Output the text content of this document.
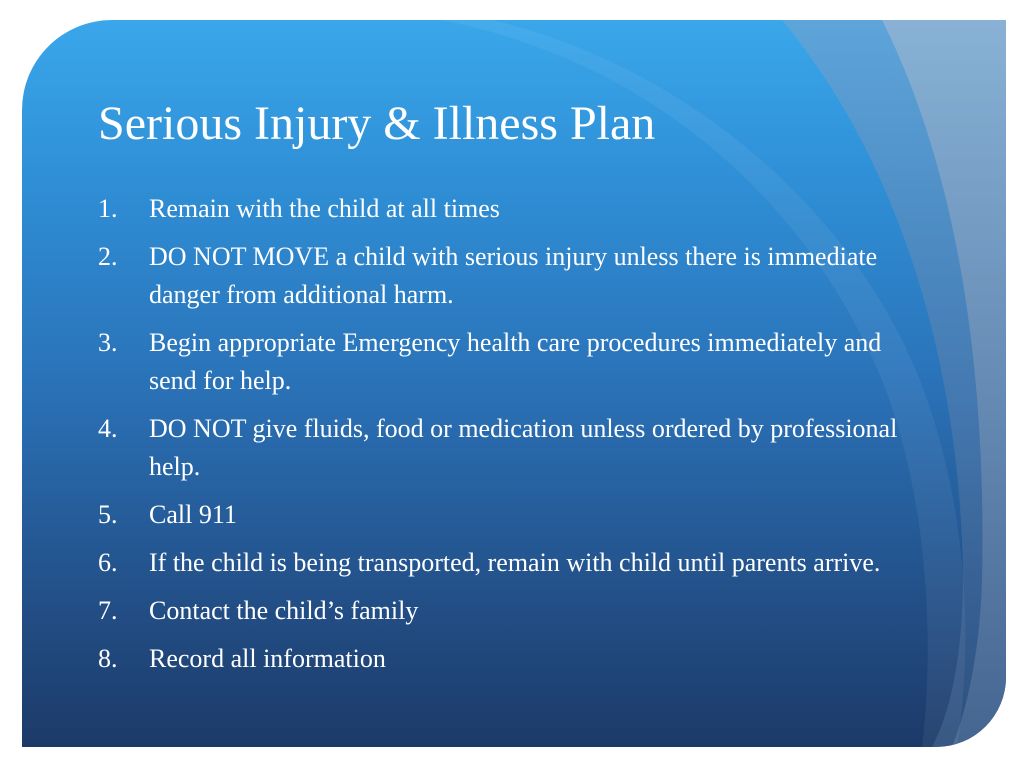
Serious Injury & Illness Plan
1.	Remain with the child at all times
2.	DO NOT MOVE a child with serious injury unless there is immediate danger from additional harm.
3.	Begin appropriate Emergency health care procedures immediately and send for help.
4.	DO NOT give fluids, food or medication unless ordered by professional help.
5.	Call 911
6.	If the child is being transported, remain with child until parents arrive.
7.	Contact the child’s family
8.	Record all information
